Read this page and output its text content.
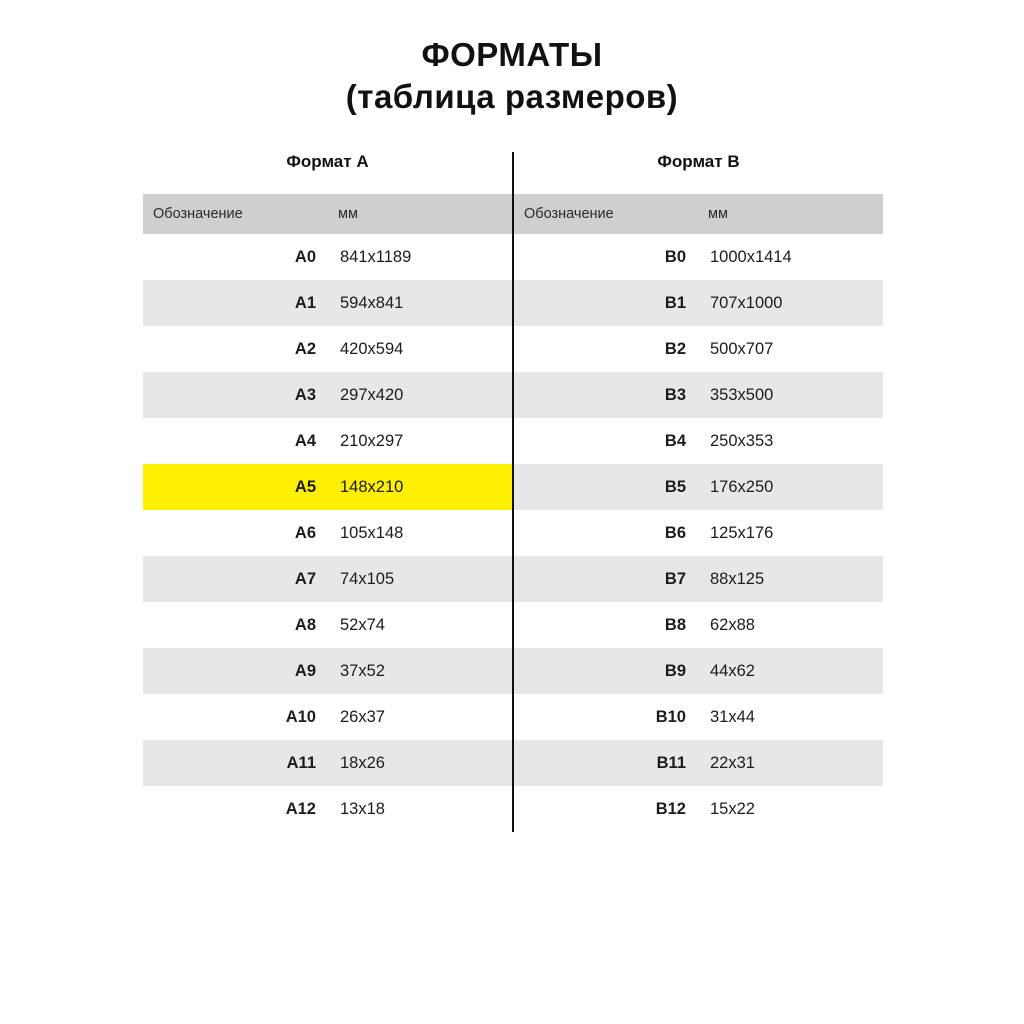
ФОРМАТЫ
(таблица размеров)
Формат А		Формат В	
Обозначение	мм	Обозначение	мм
А0	841x1189	B0	1000x1414
А1	594x841	B1	707x1000
А2	420x594	B2	500x707
А3	297x420	B3	353x500
А4	210x297	B4	250x353
А5	148x210	B5	176x250
А6	105x148	B6	125x176
А7	74x105	B7	88x125
А8	52x74	B8	62x88
А9	37x52	B9	44x62
А10	26x37	B10	31x44
А11	18x26	B11	22x31
А12	13x18	B12	15x22
